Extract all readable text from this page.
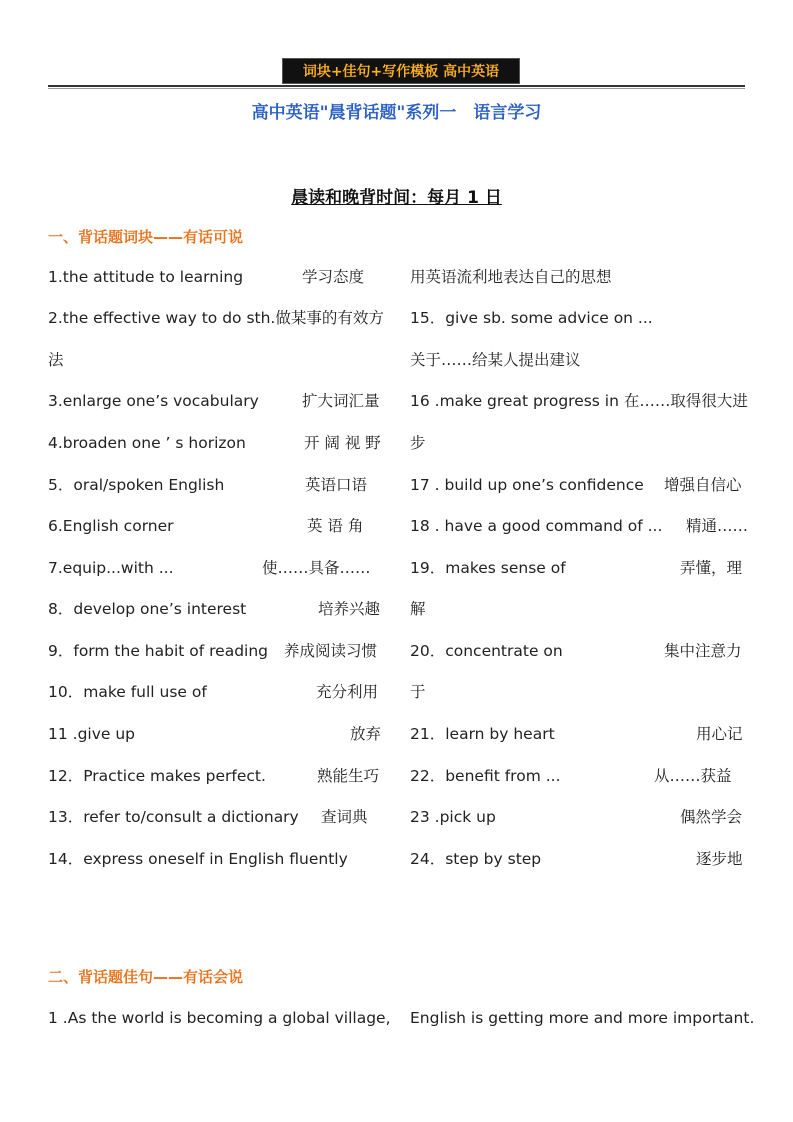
词块+佳句+写作模板 高中英语
高中英语"晨背话题"系列一　语言学习
晨读和晚背时间：每月 1 日
一、背话题词块——有话可说
1.the attitude to learning	学习态度
2.the effective way to do sth.做某事的有效方
法
3.enlarge one’s vocabulary	扩大词汇量
4.broaden one ’ s horizon	开 阔 视 野
5．oral/spoken English	英语口语
6.English corner	英 语 角
7.equip...with ...	使……具备……
8．develop one’s interest	培养兴趣
9．form the habit of reading 养成阅读习惯
10．make full use of	充分利用
11 .give up	放弃
12．Practice makes perfect.	熟能生巧
13．refer to/consult a dictionary 查词典
14．express oneself in English fluently
用英语流利地表达自己的思想
15．give sb. some advice on ...
关于……给某人提出建议
16 .make great progress in 在……取得很大进
步
17 . build up one’s confidence 增强自信心
18 . have a good command of ... 精通……
19．makes sense of	弄懂，理
解
20．concentrate on	集中注意力
于
21．learn by heart	用心记
22．benefit from ...	从……获益
23 .pick up	偶然学会
24．step by step	逐步地
二、背话题佳句——有话会说
1 .As the world is becoming a global village, English is getting more and more important.
